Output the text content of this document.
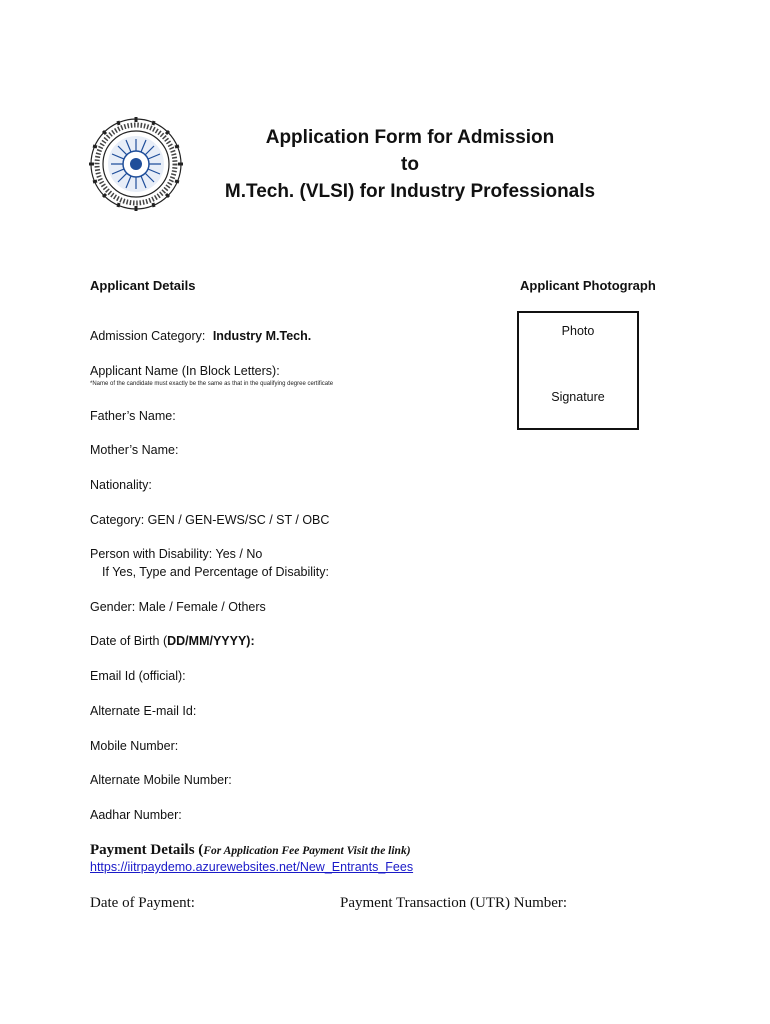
Application Form for Admission
to
M.Tech. (VLSI) for Industry Professionals
Applicant Details	Applicant Photograph
Photo
Signature
Admission Category: Industry M.Tech.
Applicant Name (In Block Letters):
*Name of the candidate must exactly be the same as that in the qualifying degree certificate
Father’s Name:
Mother’s Name:
Nationality:
Category: GEN / GEN-EWS/SC / ST / OBC
Person with Disability: Yes / No
If Yes, Type and Percentage of Disability:
Gender: Male / Female / Others
Date of Birth (DD/MM/YYYY):
Email Id (official):
Alternate E-mail Id:
Mobile Number:
Alternate Mobile Number:
Aadhar Number:
Payment Details (For Application Fee Payment Visit the link)
https://iitrpaydemo.azurewebsites.net/New_Entrants_Fees
Date of Payment:	Payment Transaction (UTR) Number:
